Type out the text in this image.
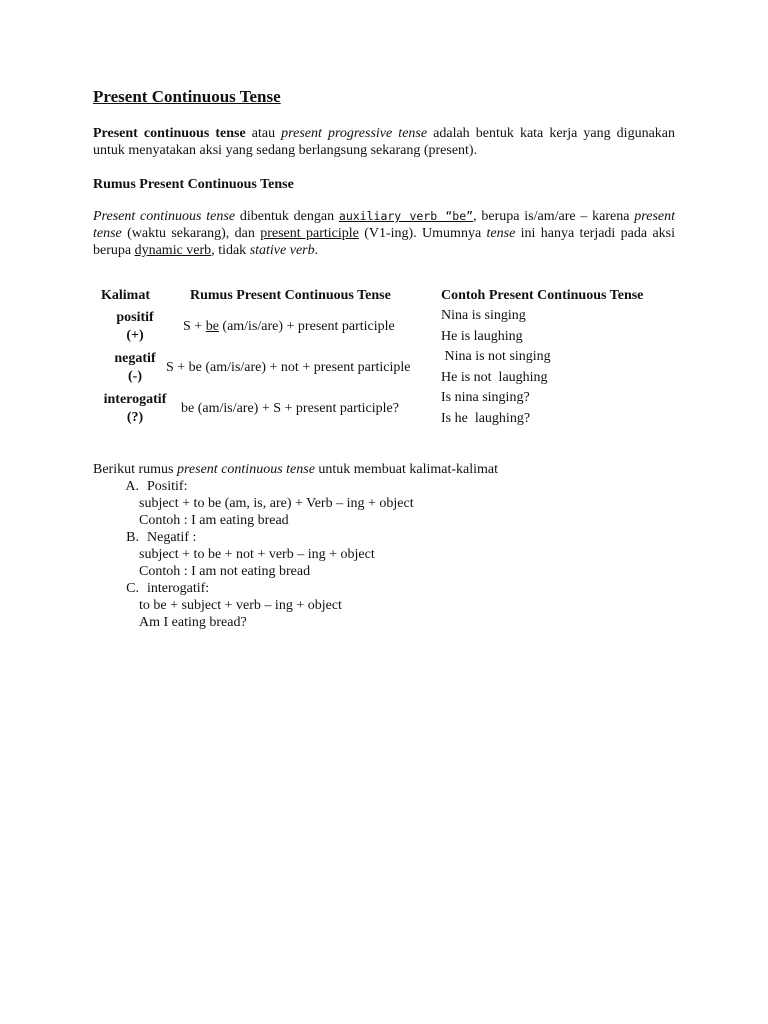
Present Continuous Tense
Present continuous tense atau present progressive tense adalah bentuk kata kerja yang digunakan untuk menyatakan aksi yang sedang berlangsung sekarang (present).
Rumus Present Continuous Tense
Present continuous tense dibentuk dengan auxiliary verb “be”, berupa is/am/are – karena present tense (waktu sekarang), dan present participle (V1-ing). Umumnya tense ini hanya terjadi pada aksi berupa dynamic verb, tidak stative verb.
Kalimat	Rumus Present Continuous Tense	Contoh Present Continuous Tense
positif
(+)
S + be (am/is/are) + present participle
Nina is singing
He is laughing
negatif
(-)
S + be (am/is/are) + not + present participle
Nina is not singing
He is not  laughing
interogatif
(?)
be (am/is/are) + S + present participle?
Is nina singing?
Is he  laughing?
Berikut rumus present continuous tense untuk membuat kalimat-kalimat
A. Positif:
subject + to be (am, is, are) + Verb – ing + object
Contoh : I am eating bread
B. Negatif :
subject + to be + not + verb – ing + object
Contoh : I am not eating bread
C. interogatif:
to be + subject + verb – ing + object
Am I eating bread?
